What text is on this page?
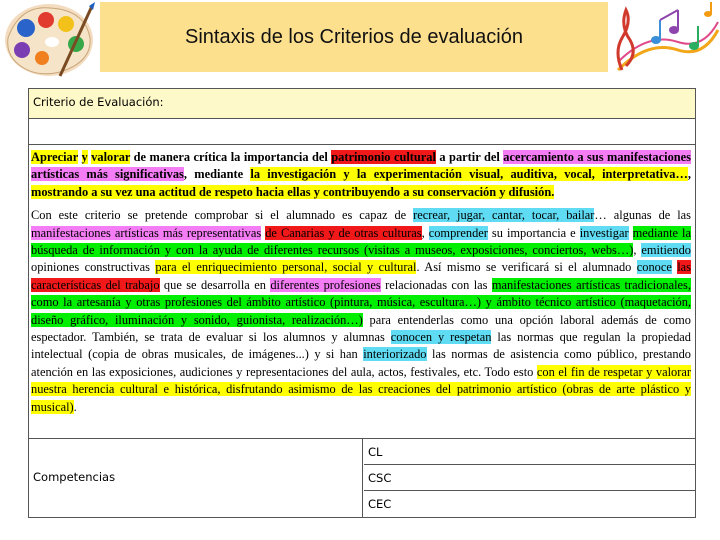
Sintaxis de los Criterios de evaluación
Criterio de Evaluación:

Apreciar y valorar de manera crítica la importancia del patrimonio cultural a partir del acercamiento a sus manifestaciones artísticas más significativas, mediante la investigación y la experimentación visual, auditiva, vocal, interpretativa…, mostrando a su vez una actitud de respeto hacia ellas y contribuyendo a su conservación y difusión.

Con este criterio se pretende comprobar si el alumnado es capaz de recrear, jugar, cantar, tocar, bailar… algunas de las manifestaciones artísticas más representativas de Canarias y de otras culturas, comprender su importancia e investigar mediante la búsqueda de información y con la ayuda de diferentes recursos (visitas a museos, exposiciones, conciertos, webs…), emitiendo opiniones constructivas para el enriquecimiento personal, social y cultural. Así mismo se verificará si el alumnado conoce las características del trabajo que se desarrolla en diferentes profesiones relacionadas con las manifestaciones artísticas tradicionales, como la artesanía y otras profesiones del ámbito artístico (pintura, música, escultura…) y ámbito técnico artístico (maquetación, diseño gráfico, iluminación y sonido, guionista, realización…) para entenderlas como una opción laboral además de como espectador. También, se trata de evaluar si los alumnos y alumnas conocen y respetan las normas que regulan la propiedad intelectual (copia de obras musicales, de imágenes...) y si han interiorizado las normas de asistencia como público, prestando atención en las exposiciones, audiciones y representaciones del aula, actos, festivales, etc. Todo esto con el fin de respetar y valorar nuestra herencia cultural e histórica, disfrutando asimismo de las creaciones del patrimonio artístico (obras de arte plástico y musical).

Competencias
CL
CSC
CEC
